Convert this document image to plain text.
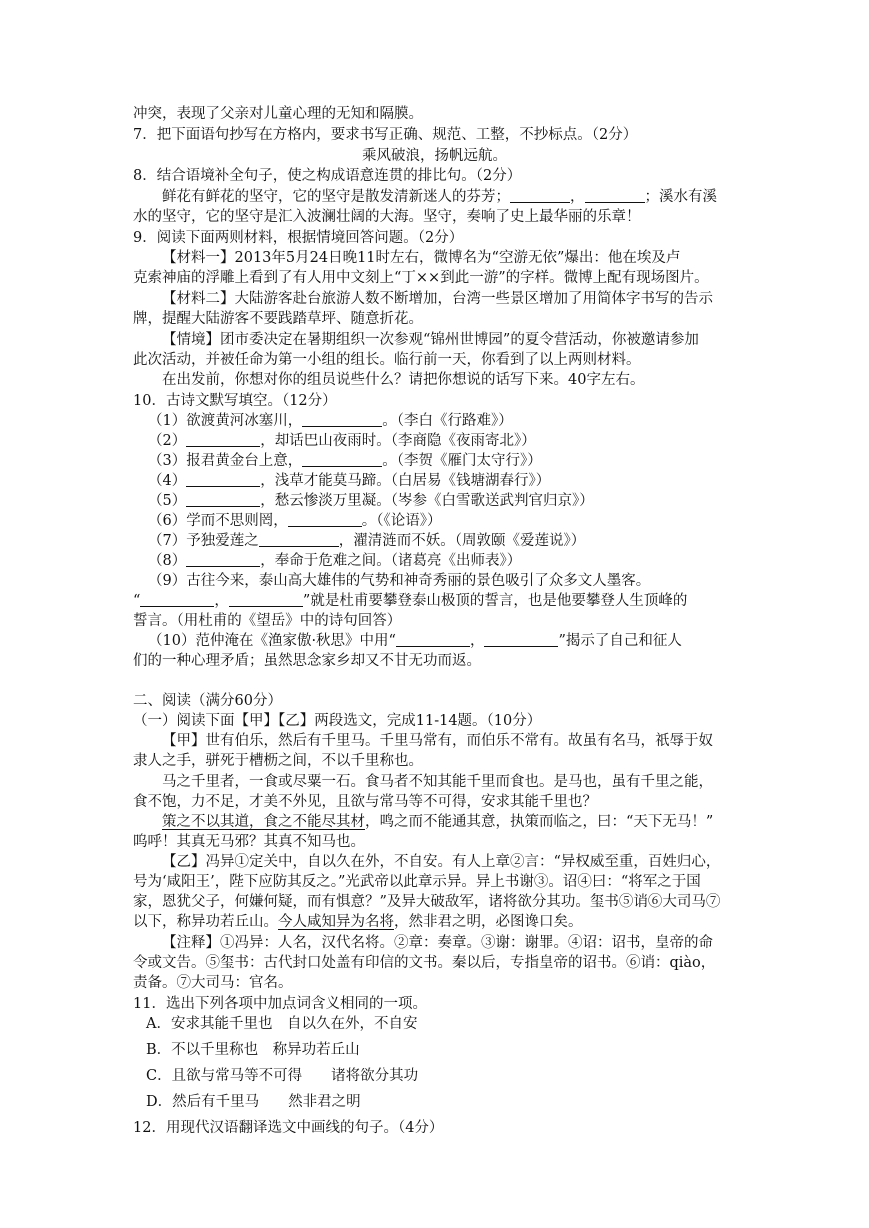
冲突，表现了父亲对儿童心理的无知和隔膜。
7．把下面语句抄写在方格内，要求书写正确、规范、工整，不抄标点。（2分）
乘风破浪，扬帆远航。
8．结合语境补全句子，使之构成语意连贯的排比句。（2分）
鲜花有鲜花的坚守，它的坚守是散发清新迷人的芬芳；	，	；溪水有溪
水的坚守，它的坚守是汇入波澜壮阔的大海。坚守，奏响了史上最华丽的乐章！
9．阅读下面两则材料，根据情境回答问题。（2分）
【材料一】2013年5月24日晚11时左右，微博名为“空游无依”爆出：他在埃及卢
克索神庙的浮雕上看到了有人用中文刻上“丁××到此一游”的字样。微博上配有现场图片。
【材料二】大陆游客赴台旅游人数不断增加，台湾一些景区增加了用简体字书写的告示
牌，提醒大陆游客不要践踏草坪、随意折花。
【情境】团市委决定在暑期组织一次参观“锦州世博园”的夏令营活动，你被邀请参加
此次活动，并被任命为第一小组的组长。临行前一天，你看到了以上两则材料。
在出发前，你想对你的组员说些什么？请把你想说的话写下来。40字左右。
10．古诗文默写填空。（12分）
（1）欲渡黄河冰塞川，	。（李白《行路难》）
（2）	，却话巴山夜雨时。（李商隐《夜雨寄北》）
（3）报君黄金台上意，	。（李贺《雁门太守行》）
（4）	，浅草才能莫马蹄。（白居易《钱塘湖春行》）
（5）	，愁云惨淡万里凝。（岑参《白雪歌送武判官归京》）
（6）学而不思则罔，	。（《论语》）
（7）予独爱莲之	，濯清涟而不妖。（周敦颐《爱莲说》）
（8）	，奉命于危难之间。（诸葛亮《出师表》）
（9）古往今来，泰山高大雄伟的气势和神奇秀丽的景色吸引了众多文人墨客。
“	，	”就是杜甫要攀登泰山极顶的誓言，也是他要攀登人生顶峰的
誓言。（用杜甫的《望岳》中的诗句回答）
（10）范仲淹在《渔家傲·秋思》中用“	，	”揭示了自己和征人
们的一种心理矛盾；虽然思念家乡却又不甘无功而返。
二、阅读（满分60分）
（一）阅读下面【甲】【乙】两段选文，完成11-14题。（10分）
【甲】世有伯乐，然后有千里马。千里马常有，而伯乐不常有。故虽有名马，祇辱于奴
隶人之手，骈死于槽枥之间，不以千里称也。
马之千里者，一食或尽粟一石。食马者不知其能千里而食也。是马也，虽有千里之能，
食不饱，力不足，才美不外见，且欲与常马等不可得，安求其能千里也？
策之不以其道，食之不能尽其材，鸣之而不能通其意，执策而临之，曰：“天下无马！”
呜呼！其真无马邪？其真不知马也。
【乙】冯异①定关中，自以久在外，不自安。有人上章②言：“异权威至重，百姓归心，
号为‘咸阳王’，陛下应防其反之。”光武帝以此章示异。异上书谢③。诏④曰：“将军之于国
家，恩犹父子，何嫌何疑，而有惧意？”及异大破敌军，诸将欲分其功。玺书⑤诮⑥大司马⑦
以下，称异功若丘山。今人咸知异为名将，然非君之明，必图谗口矣。
【注释】①冯异：人名，汉代名将。②章：奏章。③谢：谢罪。④诏：诏书，皇帝的命
令或文告。⑤玺书：古代封口处盖有印信的文书。秦以后，专指皇帝的诏书。⑥诮：qiào，
责备。⑦大司马：官名。
11．选出下列各项中加点词含义相同的一项。
A．安求其能千里也　自以久在外，不自安
B．不以千里称也　称异功若丘山
C．且欲与常马等不可得　　诸将欲分其功
D．然后有千里马　　然非君之明
12．用现代汉语翻译选文中画线的句子。（4分）
